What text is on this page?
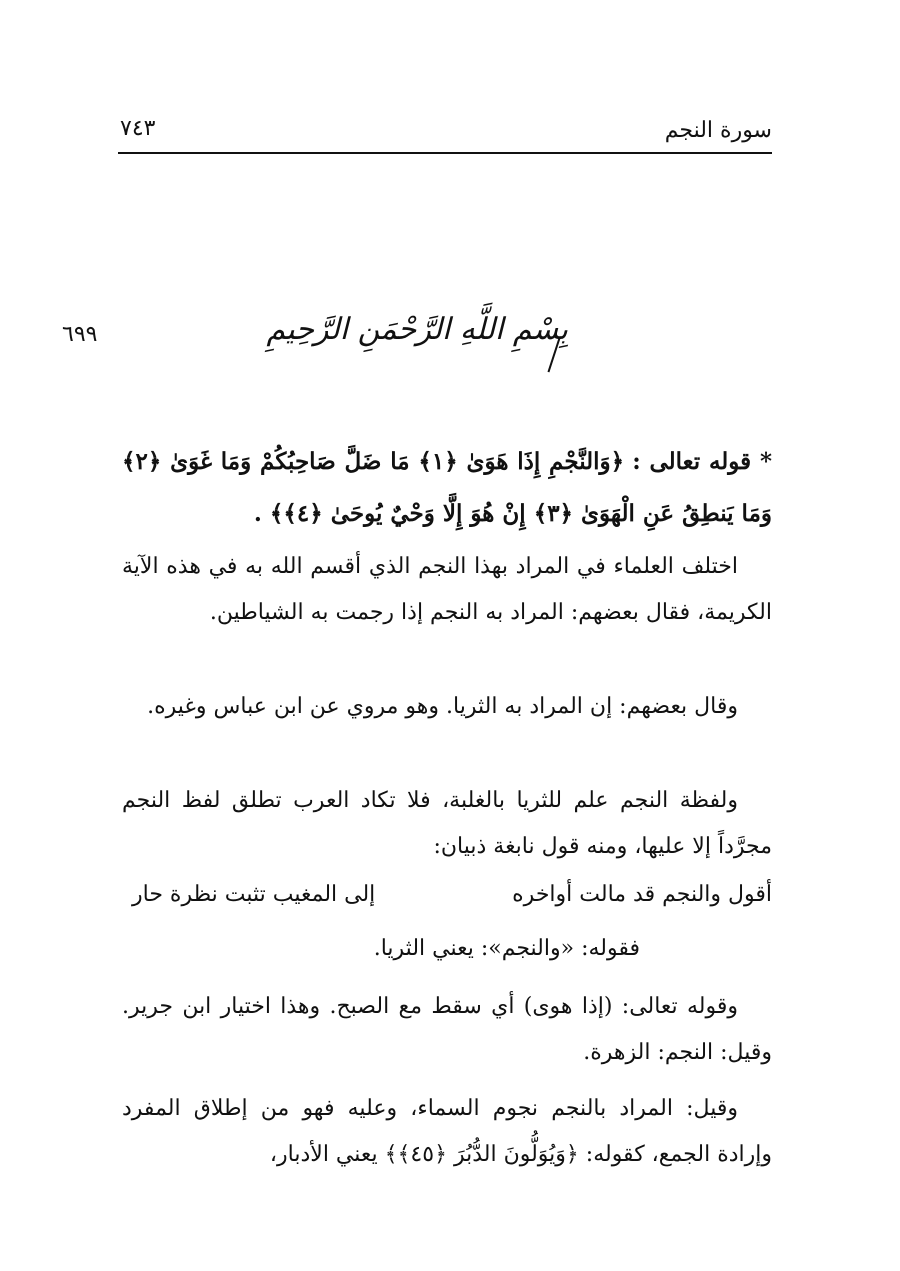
سورة النجم
٧٤٣
٦٩٩	بِسْمِ اللَّهِ الرَّحْمَنِ الرَّحِيمِ
* قوله تعالى : ﴿وَالنَّجْمِ إِذَا هَوَىٰ ﴿١﴾ مَا ضَلَّ صَاحِبُكُمْ وَمَا غَوَىٰ ﴿٢﴾ وَمَا يَنطِقُ عَنِ الْهَوَىٰ ﴿٣﴾ إِنْ هُوَ إِلَّا وَحْيٌ يُوحَىٰ ﴿٤﴾﴾ .
اختلف العلماء في المراد بهذا النجم الذي أقسم الله به في هذه الآية الكريمة، فقال بعضهم: المراد به النجم إذا رجمت به الشياطين.
وقال بعضهم: إن المراد به الثريا. وهو مروي عن ابن عباس وغيره.
ولفظة النجم علم للثريا بالغلبة، فلا تكاد العرب تطلق لفظ النجم مجرَّداً إلا عليها، ومنه قول نابغة ذبيان:
أقول والنجم قد مالت أواخره
إلى المغيب تثبت نظرة حار
فقوله: «والنجم»: يعني الثريا.
وقوله تعالى: (إذا هوى) أي سقط مع الصبح. وهذا اختيار ابن جرير. وقيل: النجم: الزهرة.
وقيل: المراد بالنجم نجوم السماء، وعليه فهو من إطلاق المفرد وإرادة الجمع، كقوله: ﴿وَيُوَلُّونَ الدُّبُرَ ﴿٤٥﴾﴾ يعني الأدبار،
